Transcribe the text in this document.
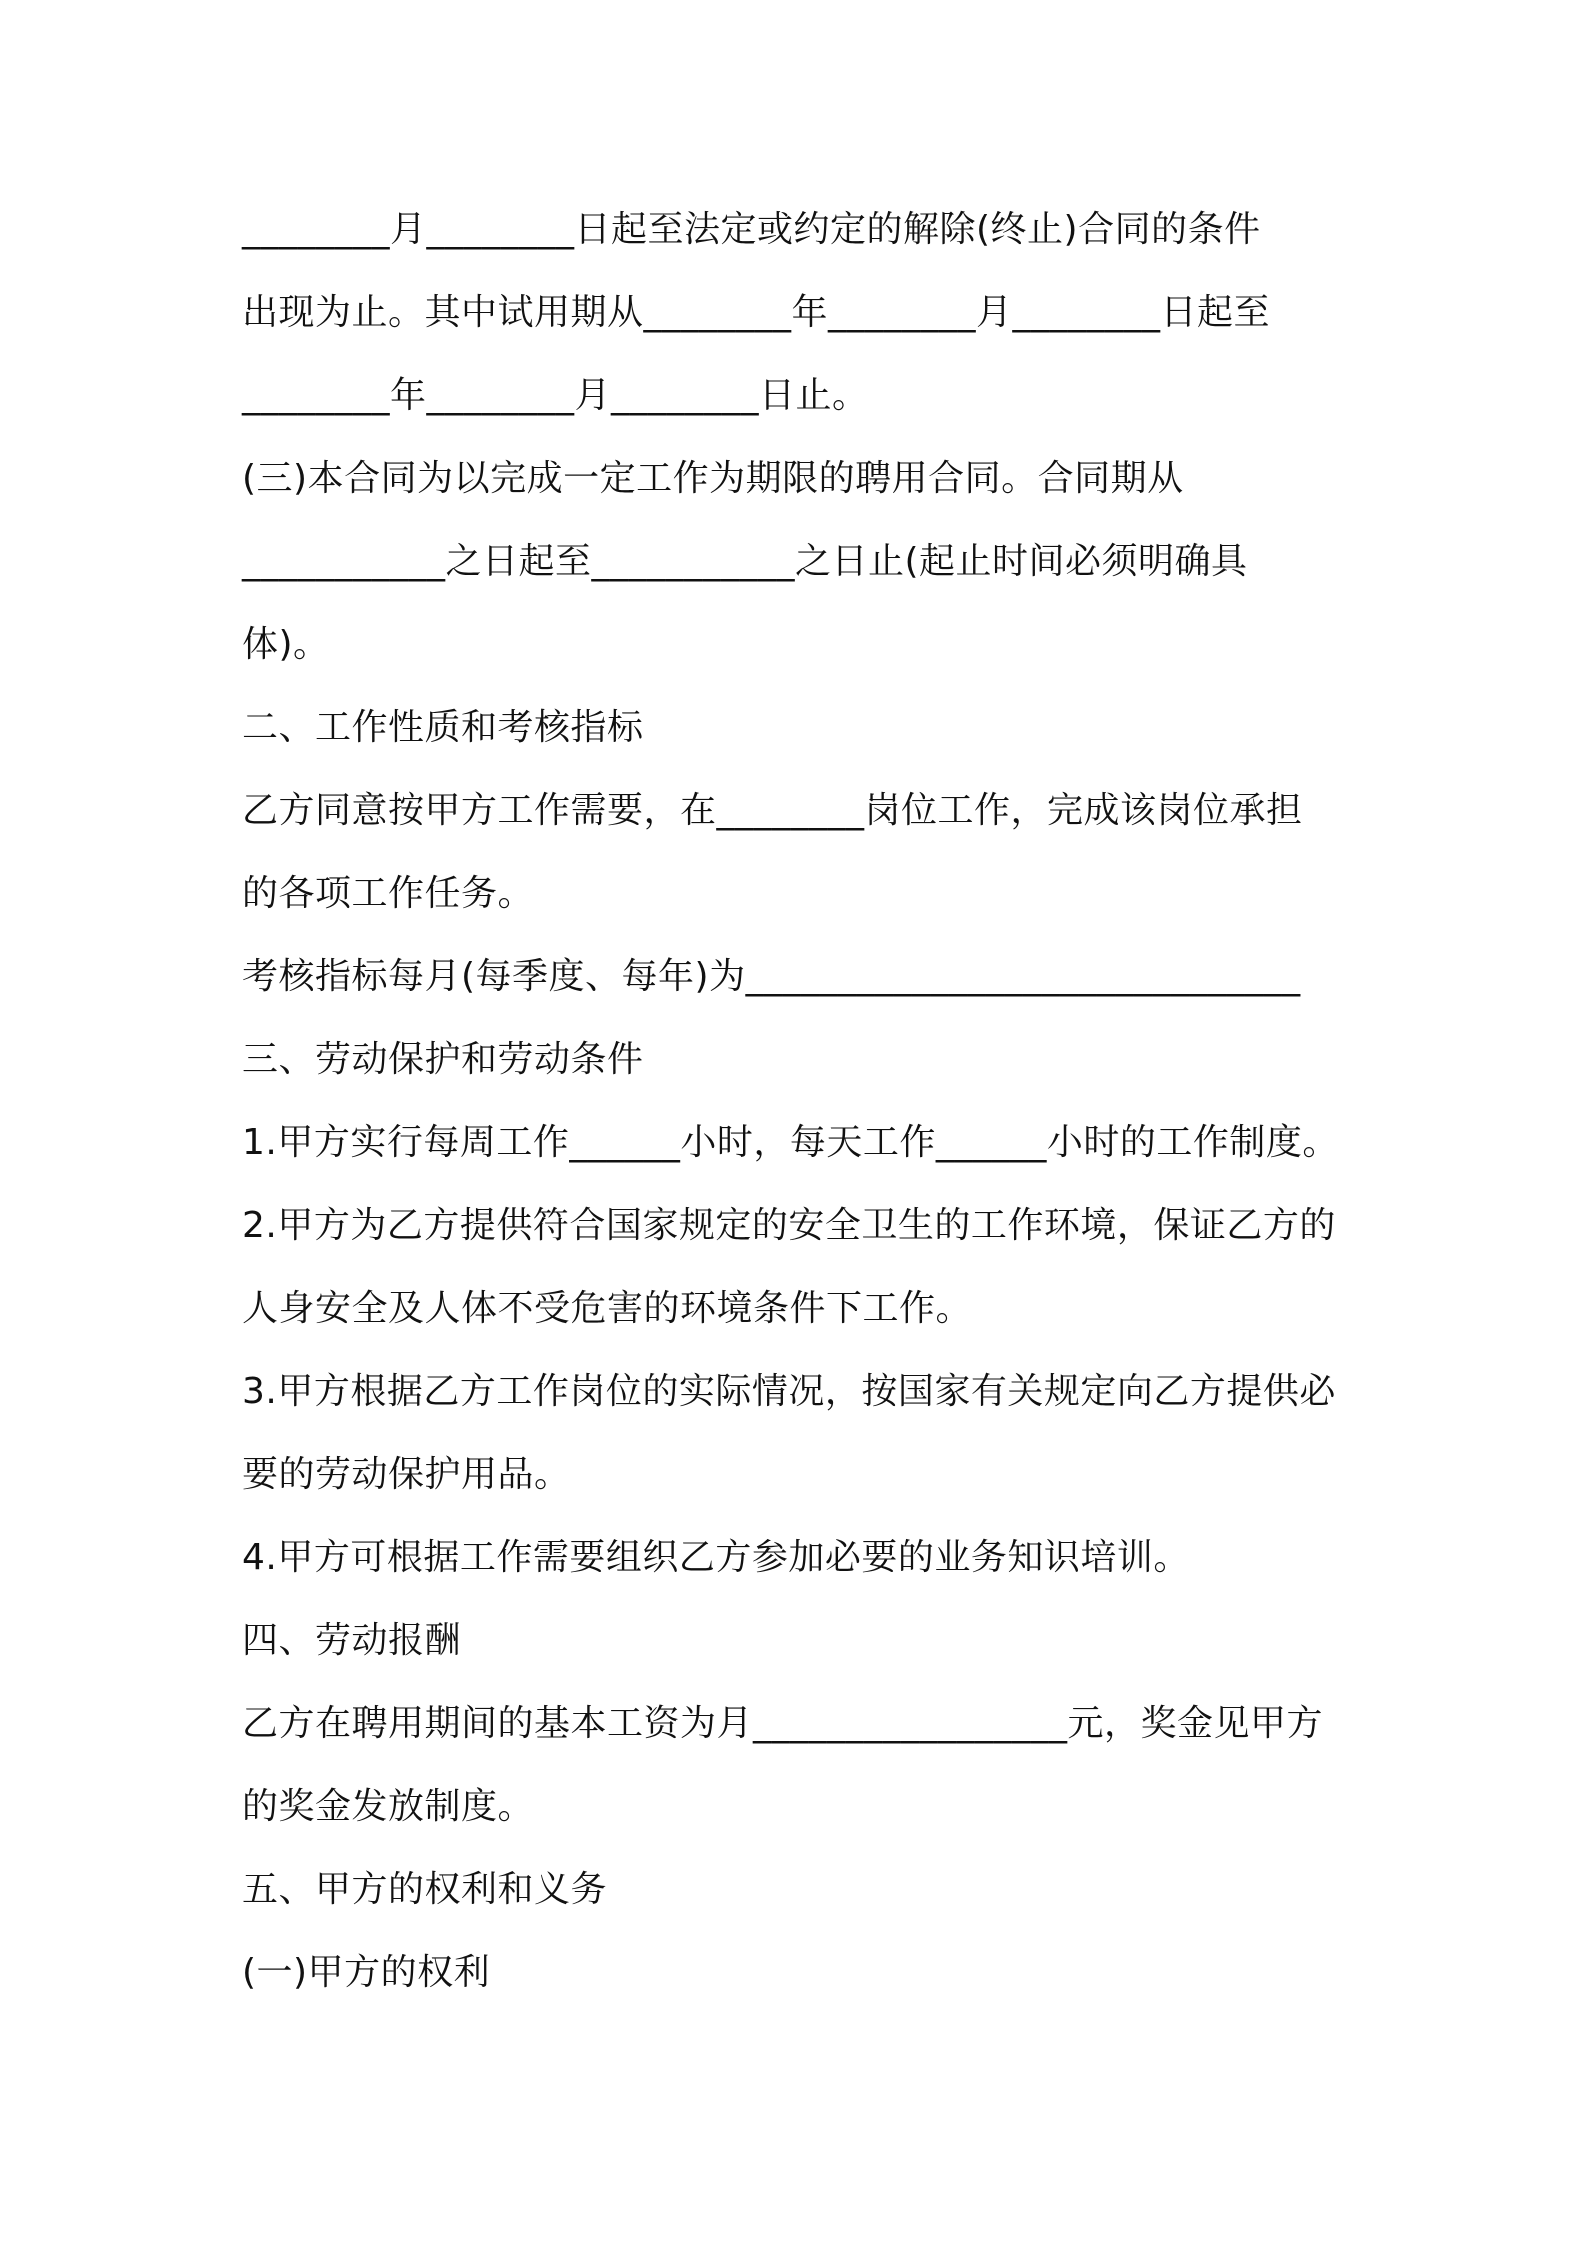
________月________日起至法定或约定的解除(终止)合同的条件
出现为止。其中试用期从________年________月________日起至
________年________月________日止。
(三)本合同为以完成一定工作为期限的聘用合同。合同期从
___________之日起至___________之日止(起止时间必须明确具
体)。
二、工作性质和考核指标
乙方同意按甲方工作需要，在________岗位工作，完成该岗位承担
的各项工作任务。
考核指标每月(每季度、每年)为______________________________
三、劳动保护和劳动条件
1.甲方实行每周工作______小时，每天工作______小时的工作制度。
2.甲方为乙方提供符合国家规定的安全卫生的工作环境，保证乙方的
人身安全及人体不受危害的环境条件下工作。
3.甲方根据乙方工作岗位的实际情况，按国家有关规定向乙方提供必
要的劳动保护用品。
4.甲方可根据工作需要组织乙方参加必要的业务知识培训。
四、劳动报酬
乙方在聘用期间的基本工资为月_________________元，奖金见甲方
的奖金发放制度。
五、甲方的权利和义务
(一)甲方的权利
